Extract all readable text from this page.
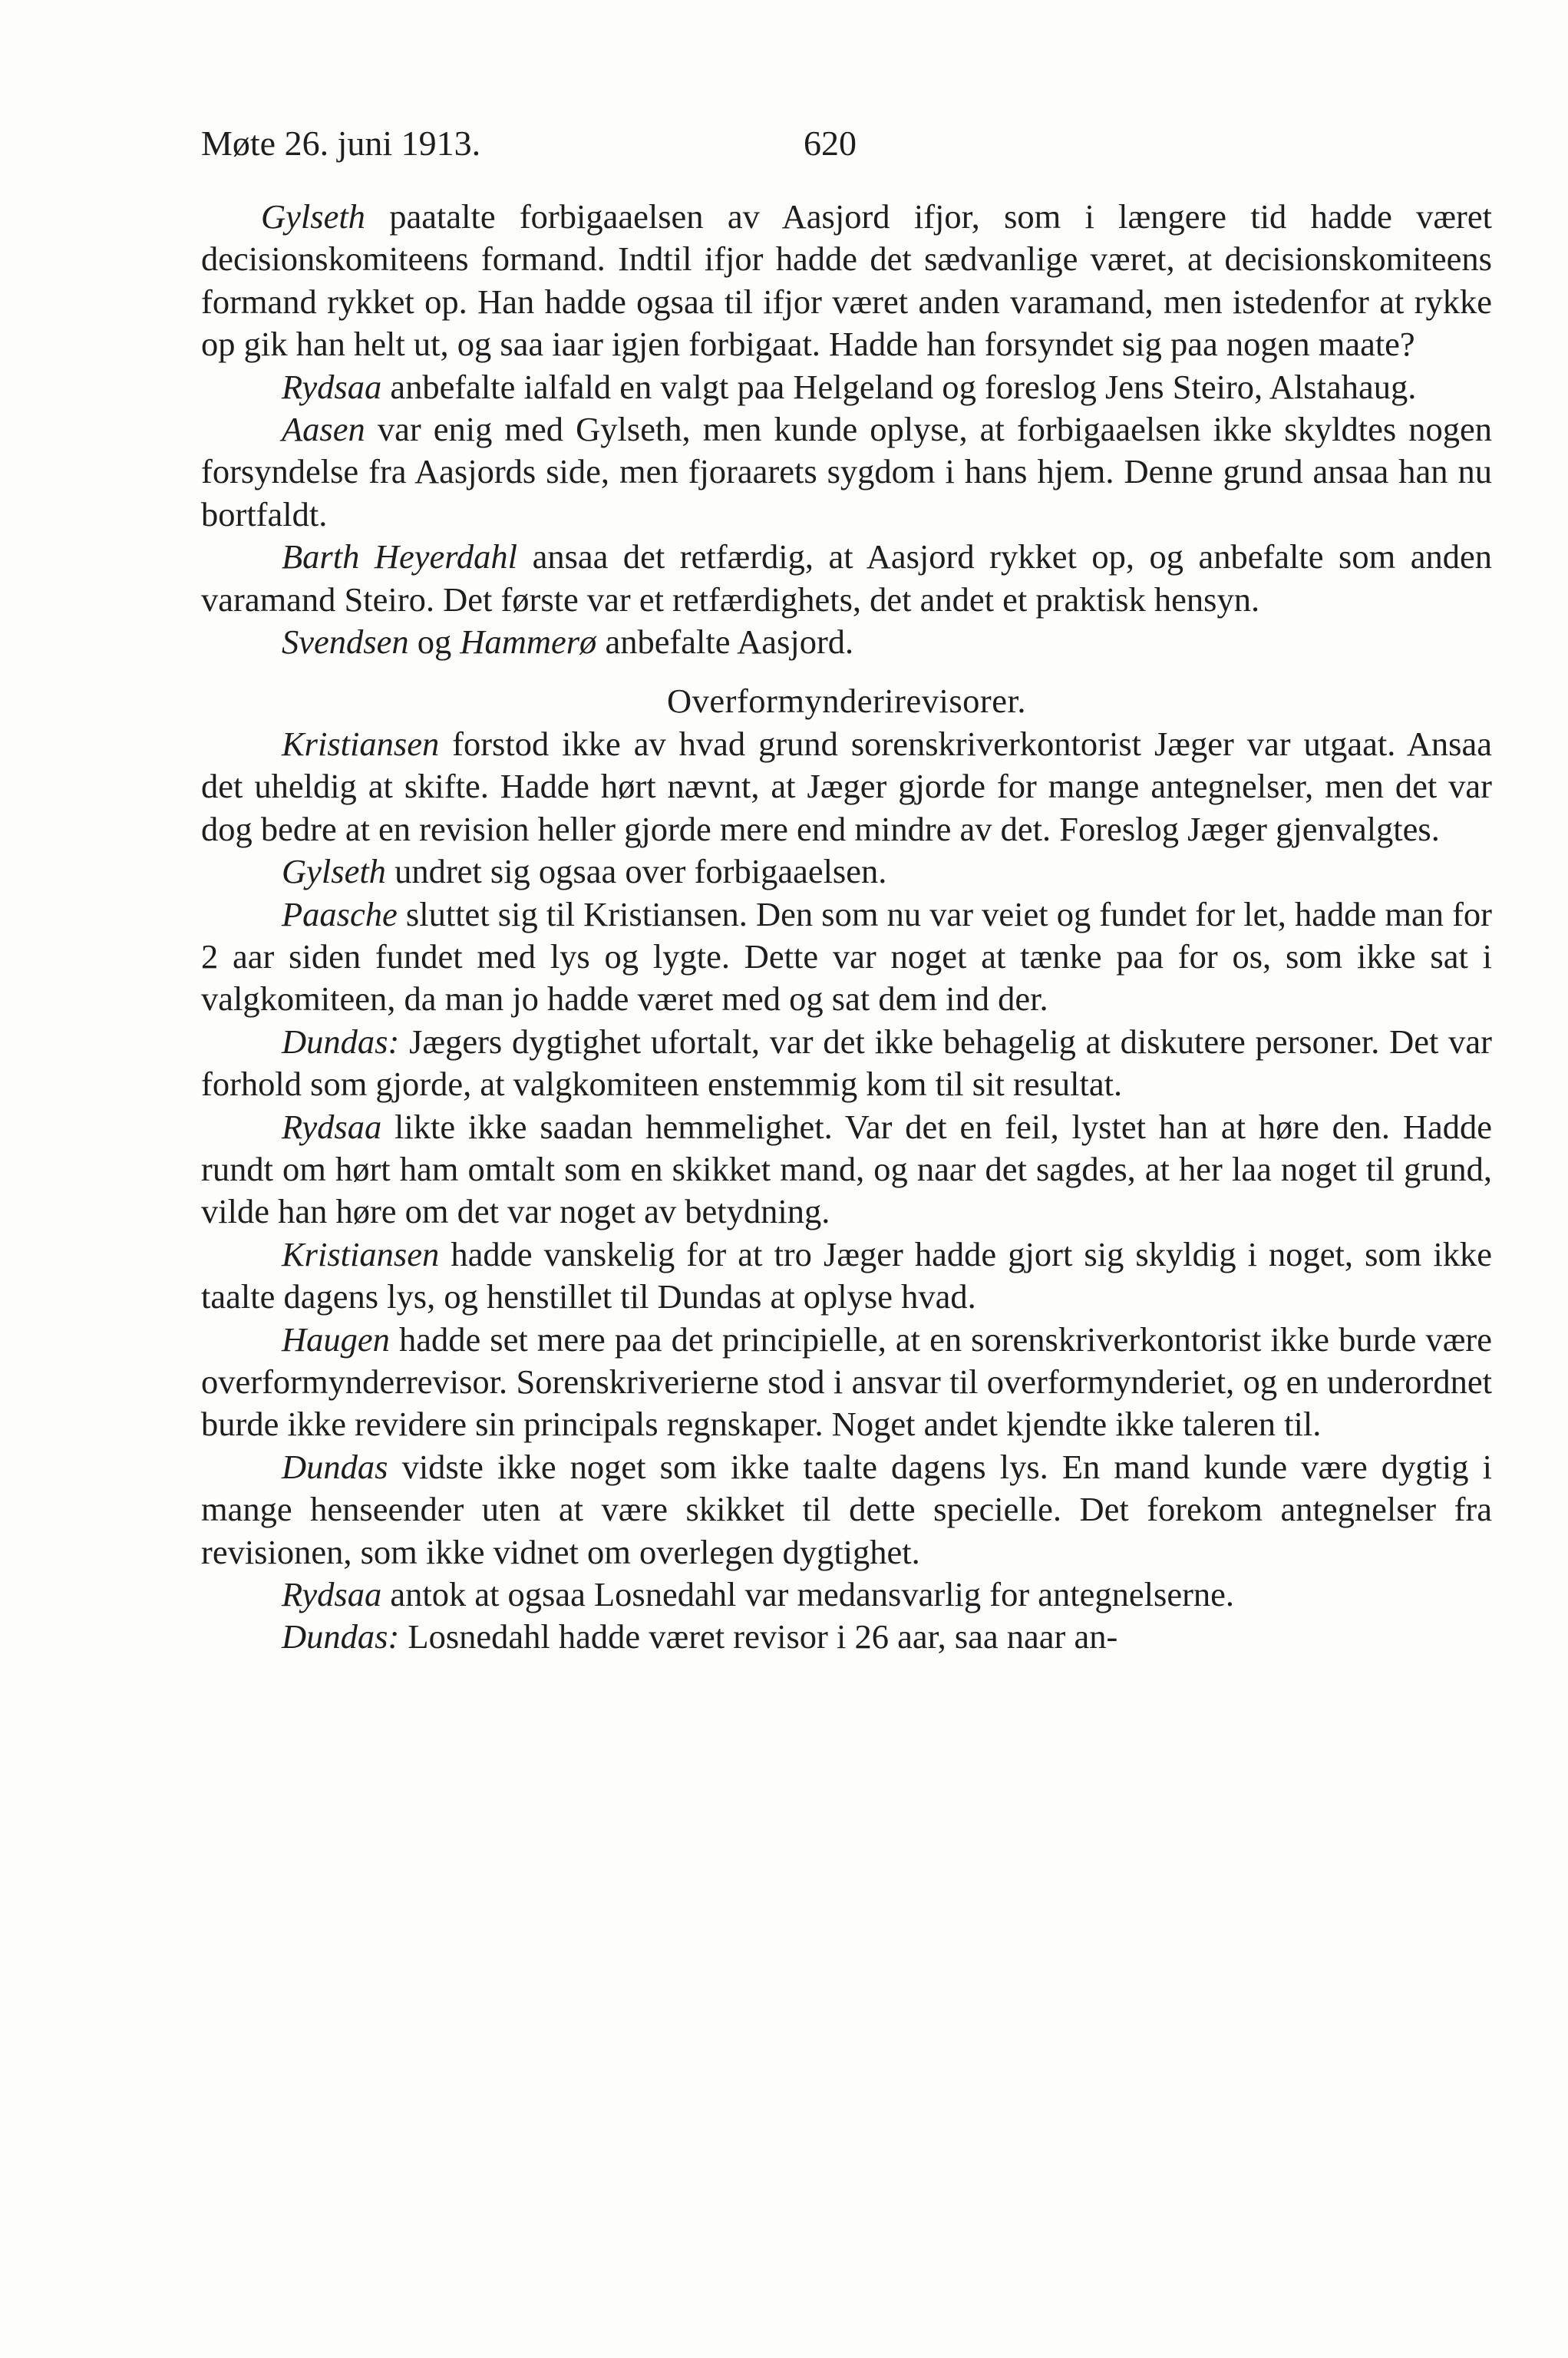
Møte 26. juni 1913.	620

Gylseth paatalte forbigaaelsen av Aasjord ifjor, som i længere tid hadde været decisionskomiteens formand. Indtil ifjor hadde det sædvanlige været, at decisionskomiteens formand rykket op. Han hadde ogsaa til ifjor været anden varamand, men istedenfor at rykke op gik han helt ut, og saa iaar igjen forbigaat. Hadde han forsyndet sig paa nogen maate?

Rydsaa anbefalte ialfald en valgt paa Helgeland og foreslog Jens Steiro, Alstahaug.

Aasen var enig med Gylseth, men kunde oplyse, at forbigaaelsen ikke skyldtes nogen forsyndelse fra Aasjords side, men fjoraarets sygdom i hans hjem. Denne grund ansaa han nu bortfaldt.

Barth Heyerdahl ansaa det retfærdig, at Aasjord rykket op, og anbefalte som anden varamand Steiro. Det første var et retfærdighets, det andet et praktisk hensyn.

Svendsen og Hammerø anbefalte Aasjord.

Overformynderirevisorer.

Kristiansen forstod ikke av hvad grund sorenskriverkontorist Jæger var utgaat. Ansaa det uheldig at skifte. Hadde hørt nævnt, at Jæger gjorde for mange antegnelser, men det var dog bedre at en revision heller gjorde mere end mindre av det. Foreslog Jæger gjenvalgtes.

Gylseth undret sig ogsaa over forbigaaelsen.

Paasche sluttet sig til Kristiansen. Den som nu var veiet og fundet for let, hadde man for 2 aar siden fundet med lys og lygte. Dette var noget at tænke paa for os, som ikke sat i valgkomiteen, da man jo hadde været med og sat dem ind der.

Dundas: Jægers dygtighet ufortalt, var det ikke behagelig at diskutere personer. Det var forhold som gjorde, at valgkomiteen enstemmig kom til sit resultat.

Rydsaa likte ikke saadan hemmelighet. Var det en feil, lystet han at høre den. Hadde rundt om hørt ham omtalt som en skikket mand, og naar det sagdes, at her laa noget til grund, vilde han høre om det var noget av betydning.

Kristiansen hadde vanskelig for at tro Jæger hadde gjort sig skyldig i noget, som ikke taalte dagens lys, og henstillet til Dundas at oplyse hvad.

Haugen hadde set mere paa det principielle, at en sorenskriverkontorist ikke burde være overformynderrevisor. Sorenskriverierne stod i ansvar til overformynderiet, og en underordnet burde ikke revidere sin principals regnskaper. Noget andet kjendte ikke taleren til.

Dundas vidste ikke noget som ikke taalte dagens lys. En mand kunde være dygtig i mange henseender uten at være skikket til dette specielle. Det forekom antegnelser fra revisionen, som ikke vidnet om overlegen dygtighet.

Rydsaa antok at ogsaa Losnedahl var medansvarlig for antegnelserne.

Dundas: Losnedahl hadde været revisor i 26 aar, saa naar an-
